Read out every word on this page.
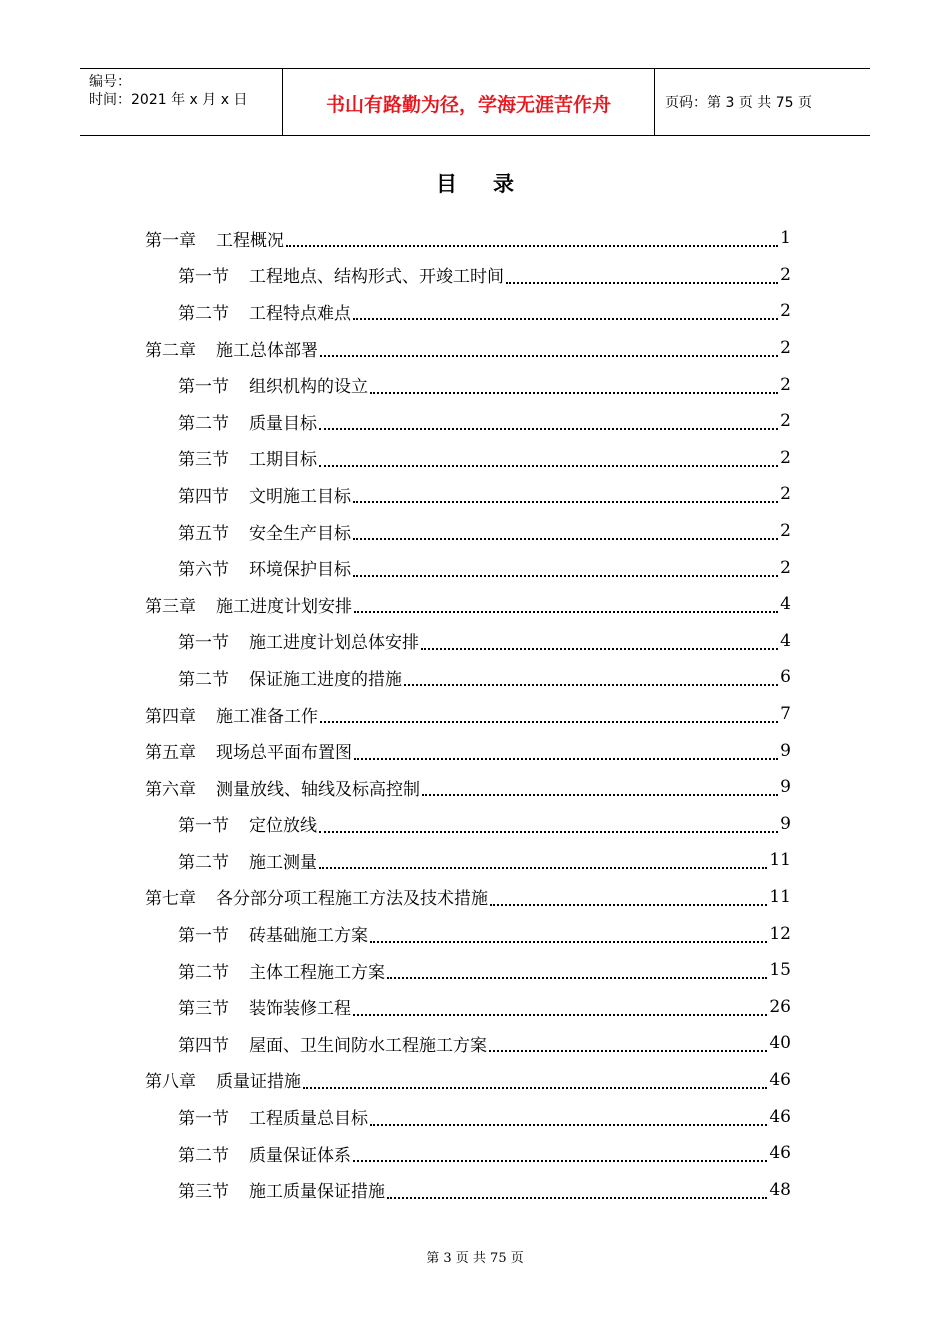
编号：
时间：2021 年 x 月 x 日	书山有路勤为径，学海无涯苦作舟	页码：第 3 页 共 75 页
目录
第一章 工程概况	1
第一节 工程地点、结构形式、开竣工时间	2
第二节 工程特点难点	2
第二章 施工总体部署	2
第一节 组织机构的设立	2
第二节 质量目标	2
第三节 工期目标	2
第四节 文明施工目标	2
第五节 安全生产目标	2
第六节 环境保护目标	2
第三章 施工进度计划安排	4
第一节 施工进度计划总体安排	4
第二节 保证施工进度的措施	6
第四章 施工准备工作	7
第五章 现场总平面布置图	9
第六章 测量放线、轴线及标高控制	9
第一节 定位放线	9
第二节 施工测量	11
第七章 各分部分项工程施工方法及技术措施	11
第一节 砖基础施工方案	12
第二节 主体工程施工方案	15
第三节 装饰装修工程	26
第四节 屋面、卫生间防水工程施工方案	40
第八章 质量证措施	46
第一节 工程质量总目标	46
第二节 质量保证体系	46
第三节 施工质量保证措施	48
第 3 页 共 75 页
